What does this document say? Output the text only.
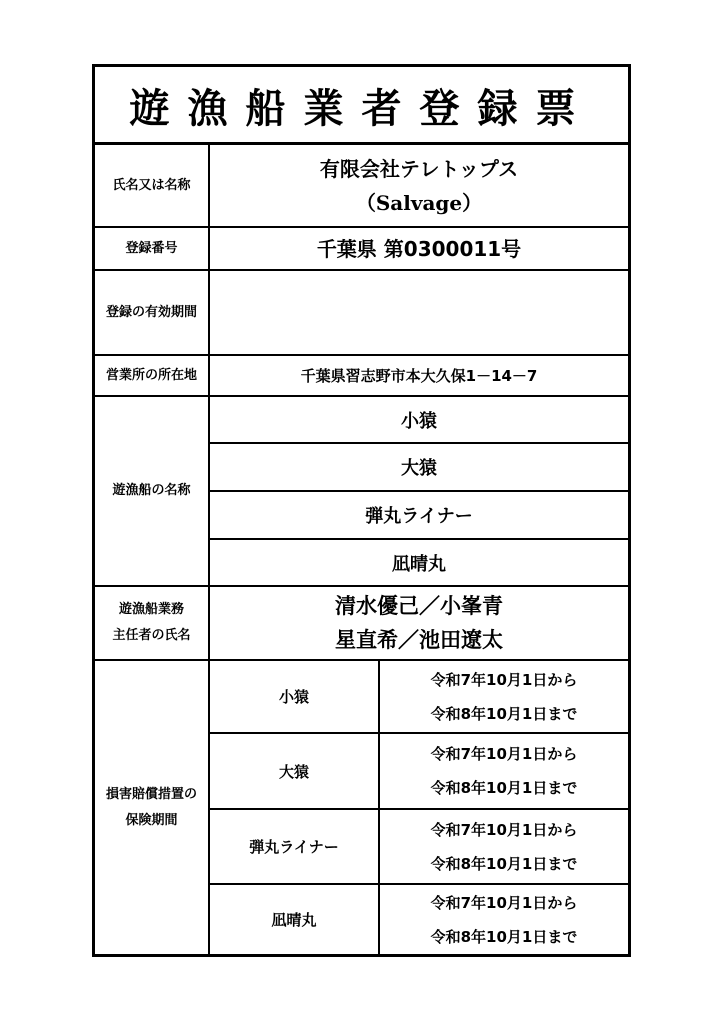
遊漁船業者登録票
氏名又は名称
有限会社テレトップス
（Salvage）
登録番号	千葉県 第0300011号
登録の有効期間
営業所の所在地	千葉県習志野市本大久保1－14－7
遊漁船の名称
小猿
大猿
弾丸ライナー
凪晴丸
遊漁船業務
主任者の氏名
清水優己／小峯青
星直希／池田遼太
損害賠償措置の
保険期間
小猿
令和7年10月1日から
令和8年10月1日まで
大猿
令和7年10月1日から
令和8年10月1日まで
弾丸ライナー
令和7年10月1日から
令和8年10月1日まで
凪晴丸
令和7年10月1日から
令和8年10月1日まで
